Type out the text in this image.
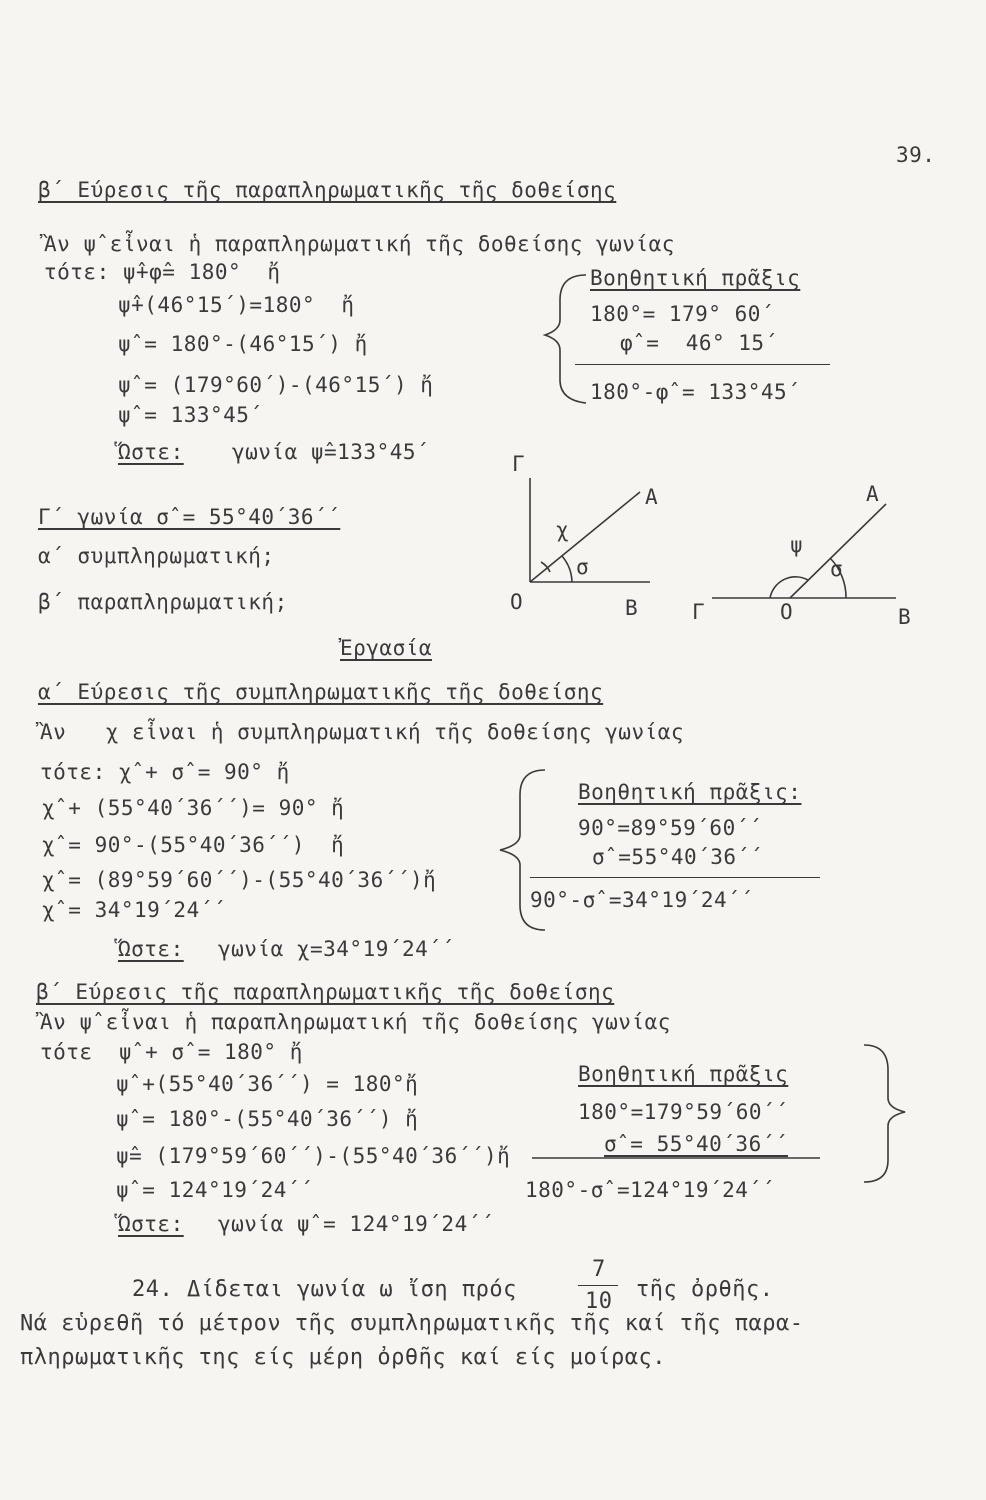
39.
β΄ Εύρεσις τῆς παραπληρωματικῆς τῆς δοθείσης
Ἂν ψ̂ εἶναι ἡ παραπληρωματική τῆς δοθείσης γωνίας
τότε: ψ̂+φ̂= 180°  ἤ
ψ̂+(46°15΄)=180°  ἤ
ψ̂ = 180°-(46°15΄) ἤ
ψ̂ = (179°60΄)-(46°15΄) ἤ
ψ̂ = 133°45΄
Βοηθητική πρᾶξις
180°= 179° 60΄
φ̂ =  46° 15΄
180°-φ̂ = 133°45΄
Ὥστε: γωνία ψ̂=133°45΄
Γ΄ γωνία σ̂ = 55°40΄36΄΄
α΄ συμπληρωματική;
β΄ παραπληρωματική;
Γ
Α
χ
σ
O	B
Α
ψ
σ
Γ	O	B
Ἐργασία
α΄ Εύρεσις τῆς συμπληρωματικῆς τῆς δοθείσης
Ἂν   χ εἶναι ἡ συμπληρωματική τῆς δοθείσης γωνίας
τότε: χ̂ + σ̂ = 90° ἤ
χ̂ + (55°40΄36΄΄)= 90° ἤ
χ̂ = 90°-(55°40΄36΄΄)  ἤ
χ̂ = (89°59΄60΄΄)-(55°40΄36΄΄)ἤ
χ̂ = 34°19΄24΄΄
Βοηθητική πρᾶξις:
90°=89°59΄60΄΄
σ̂ =55°40΄36΄΄
90°-σ̂ =34°19΄24΄΄
Ὥστε: γωνία χ=34°19΄24΄΄
β΄ Εύρεσις τῆς παραπληρωματικῆς τῆς δοθείσης
Ἂν ψ̂ εἶναι ἡ παραπληρωματική τῆς δοθείσης γωνίας
τότε  ψ̂ + σ̂ = 180° ἤ
ψ̂ +(55°40΄36΄΄) = 180°ἤ
ψ̂ = 180°-(55°40΄36΄΄) ἤ
ψ̂= (179°59΄60΄΄)-(55°40΄36΄΄)ἤ
ψ̂ = 124°19΄24΄΄
Βοηθητική πρᾶξις
180°=179°59΄60΄΄
σ̂ = 55°40΄36΄΄
180°-σ̂ =124°19΄24΄΄
Ὥστε: γωνία ψ̂ = 124°19΄24΄΄
24. Δίδεται γωνία ω ἴση πρός
7
10 τῆς ὀρθῆς.
Νά εὑρεθῆ τό μέτρον τῆς συμπληρωματικῆς τῆς καί τῆς παρα-
πληρωματικῆς της είς μέρη ὀρθῆς καί είς μοίρας.
